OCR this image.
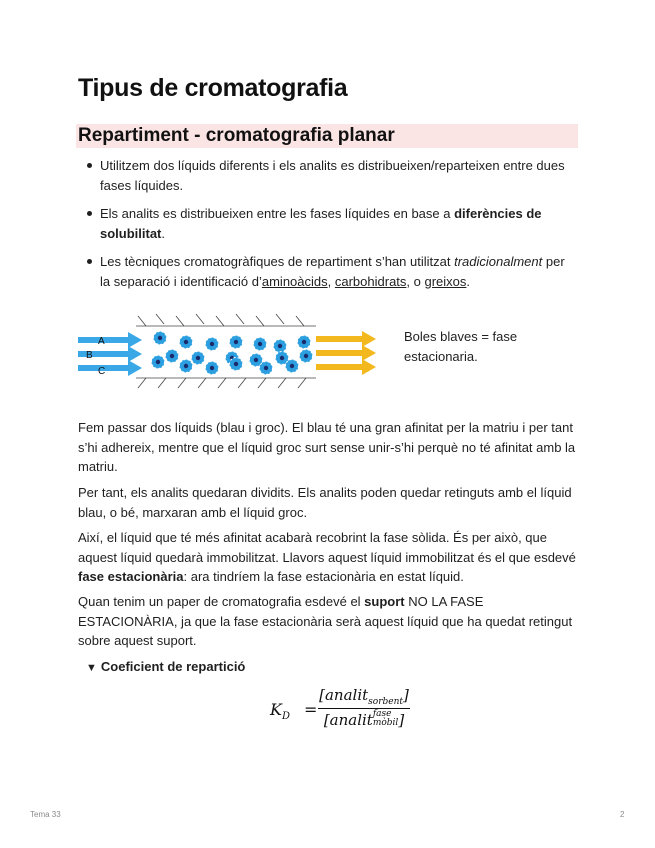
Tipus de cromatografia
Repartiment - cromatografia planar
Utilitzem dos líquids diferents i els analits es distribueixen/reparteixen entre dues fases líquides.
Els analits es distribueixen entre les fases líquides en base a diferències de solubilitat.
Les tècniques cromatogràfiques de repartiment s’han utilitzat tradicionalment per la separació i identificació d’aminoàcids, carbohidrats, o greixos.
A
B
C
Boles blaves = fase estacionaria.

Fem passar dos líquids (blau i groc). El blau té una gran afinitat per la matriu i per tant s’hi adhereix, mentre que el líquid groc surt sense unir-s’hi perquè no té afinitat amb la matriu.

Per tant, els analits quedaran dividits. Els analits poden quedar retinguts amb el líquid blau, o bé, marxaran amb el líquid groc.

Així, el líquid que té més afinitat acabarà recobrint la fase sòlida. És per això, que aquest líquid quedarà immobilitzat. Llavors aquest líquid immobilitzat és el que esdevé fase estacionària: ara tindríem la fase estacionària en estat líquid.

Quan tenim un paper de cromatografia esdevé el suport NO LA FASE ESTACIONÀRIA, ja que la fase estacionària serà aquest líquid que ha quedat retingut sobre aquest suport.

▼ Coeficient de repartició
$K_D$ =
[analit$_{sorbent}$]
[analitfase
mòbil]
Tema 33	2
